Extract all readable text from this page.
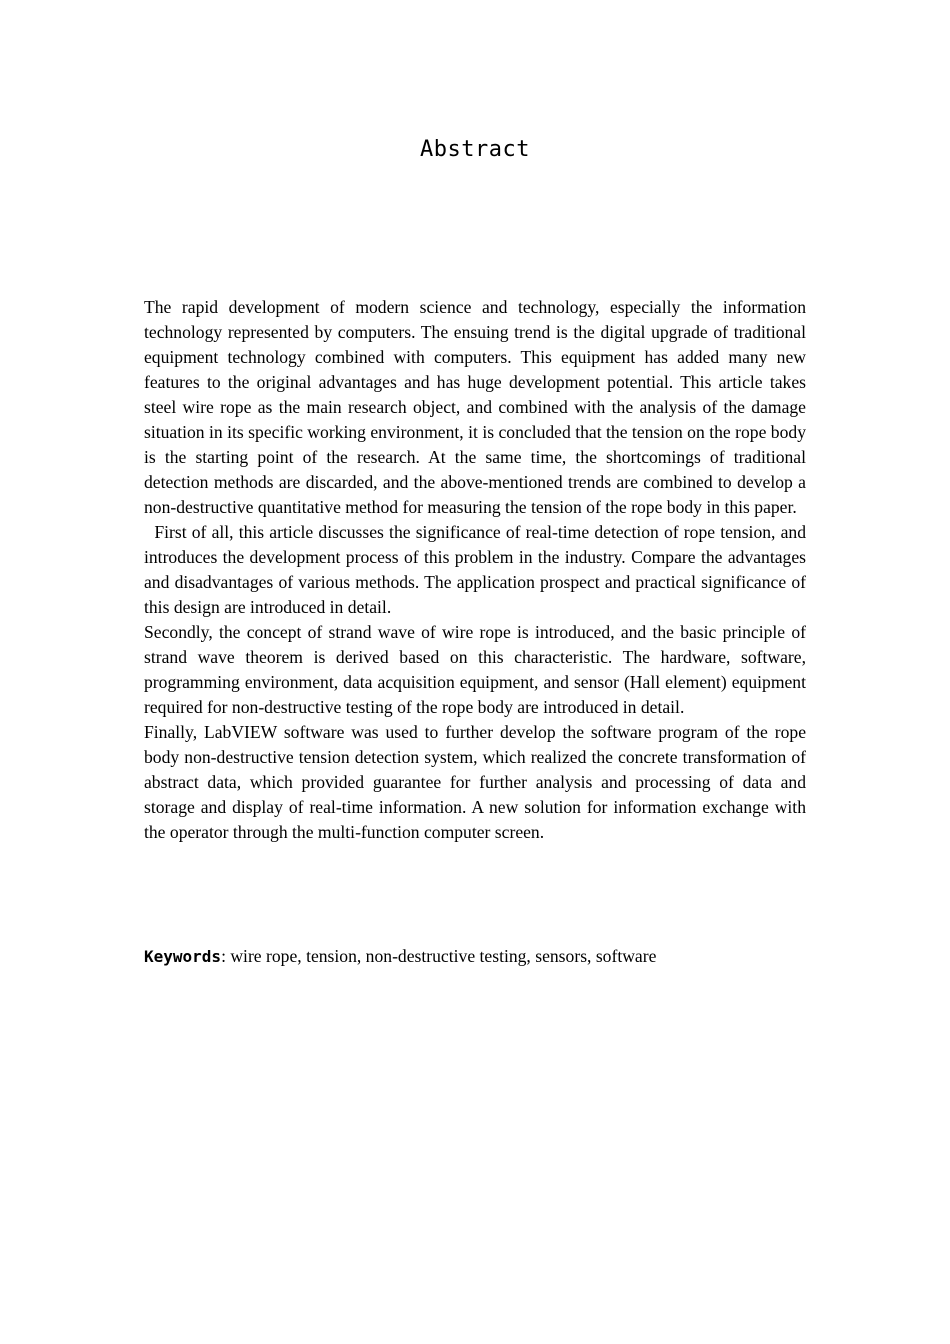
Abstract

The rapid development of modern science and technology, especially the information technology represented by computers. The ensuing trend is the digital upgrade of traditional equipment technology combined with computers. This equipment has added many new features to the original advantages and has huge development potential. This article takes steel wire rope as the main research object, and combined with the analysis of the damage situation in its specific working environment, it is concluded that the tension on the rope body is the starting point of the research. At the same time, the shortcomings of traditional detection methods are discarded, and the above-mentioned trends are combined to develop a non-destructive quantitative method for measuring the tension of the rope body in this paper.

First of all, this article discusses the significance of real-time detection of rope tension, and introduces the development process of this problem in the industry. Compare the advantages and disadvantages of various methods. The application prospect and practical significance of this design are introduced in detail.

Secondly, the concept of strand wave of wire rope is introduced, and the basic principle of strand wave theorem is derived based on this characteristic. The hardware, software, programming environment, data acquisition equipment, and sensor (Hall element) equipment required for non-destructive testing of the rope body are introduced in detail.

Finally, LabVIEW software was used to further develop the software program of the rope body non-destructive tension detection system, which realized the concrete transformation of abstract data, which provided guarantee for further analysis and processing of data and storage and display of real-time information. A new solution for information exchange with the operator through the multi-function computer screen.

Keywords: wire rope, tension, non-destructive testing, sensors, software
